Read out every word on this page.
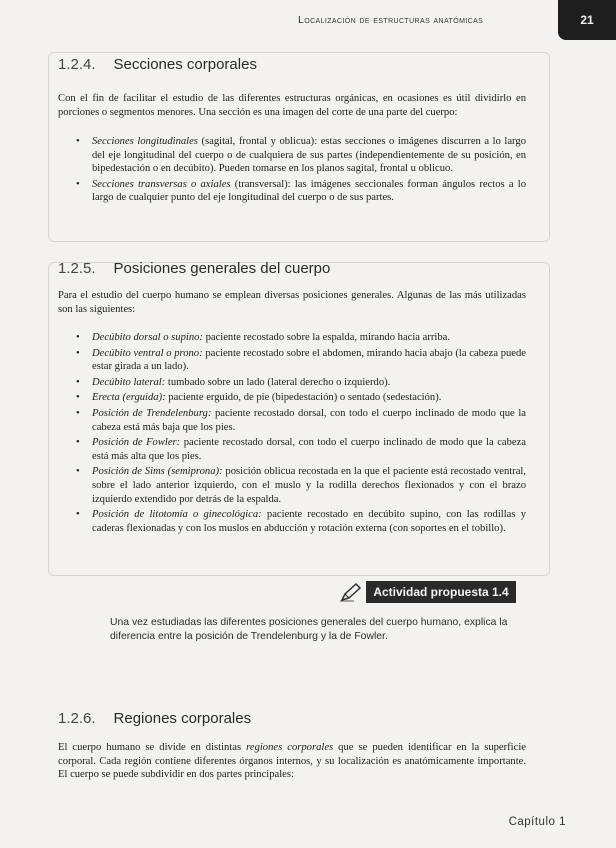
Localización de estructuras anatómicas	21
1.2.4. Secciones corporales

Con el fin de facilitar el estudio de las diferentes estructuras orgánicas, en ocasiones es útil dividirlo en porciones o segmentos menores. Una sección es una imagen del corte de una parte del cuerpo:

• Secciones longitudinales (sagital, frontal y oblicua): estas secciones o imágenes discurren a lo largo del eje longitudinal del cuerpo o de cualquiera de sus partes (independientemente de su posición, en bipedestación o en decúbito). Pueden tomarse en los planos sagital, frontal u oblicuo.
• Secciones transversas o axiales (transversal): las imágenes seccionales forman ángulos rectos a lo largo de cualquier punto del eje longitudinal del cuerpo o de sus partes.
1.2.5. Posiciones generales del cuerpo

Para el estudio del cuerpo humano se emplean diversas posiciones generales. Algunas de las más utilizadas son las siguientes:

• Decúbito dorsal o supino: paciente recostado sobre la espalda, mirando hacia arriba.
• Decúbito ventral o prono: paciente recostado sobre el abdomen, mirando hacia abajo (la cabeza puede estar girada a un lado).
• Decúbito lateral: tumbado sobre un lado (lateral derecho o izquierdo).
• Erecta (erguida): paciente erguido, de pie (bipedestación) o sentado (sedestación).
• Posición de Trendelenburg: paciente recostado dorsal, con todo el cuerpo inclinado de modo que la cabeza está más baja que los pies.
• Posición de Fowler: paciente recostado dorsal, con todo el cuerpo inclinado de modo que la cabeza está más alta que los pies.
• Posición de Sims (semiprona): posición oblicua recostada en la que el paciente está recostado ventral, sobre el lado anterior izquierdo, con el muslo y la rodilla derechos flexionados y con el brazo izquierdo extendido por detrás de la espalda.
• Posición de litotomía o ginecológica: paciente recostado en decúbito supino, con las rodillas y caderas flexionadas y con los muslos en abducción y rotación externa (con soportes en el tobillo).
Actividad propuesta 1.4

Una vez estudiadas las diferentes posiciones generales del cuerpo humano, explica la diferencia entre la posición de Trendelenburg y la de Fowler.

1.2.6. Regiones corporales

El cuerpo humano se divide en distintas regiones corporales que se pueden identificar en la superficie corporal. Cada región contiene diferentes órganos internos, y su localización es anatómicamente importante. El cuerpo se puede subdividir en dos partes principales:

Capítulo 1
